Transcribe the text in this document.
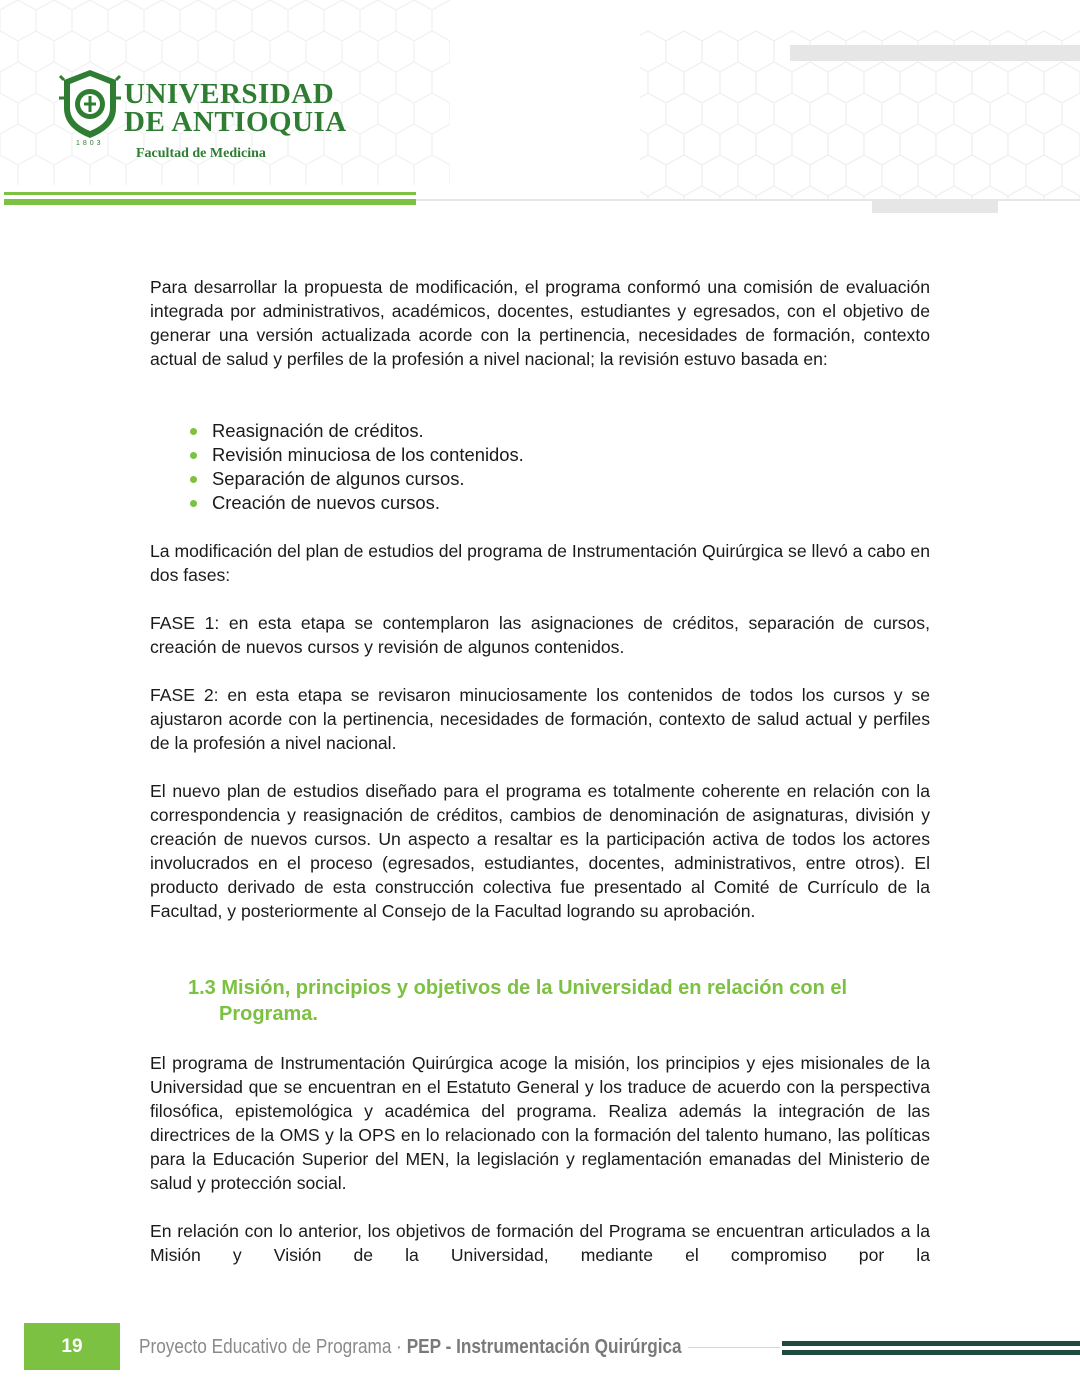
1803
UNIVERSIDAD
DE ANTIOQUIA
Facultad de Medicina

Para desarrollar la propuesta de modificación, el programa conformó una comisión de evaluación integrada por administrativos, académicos, docentes, estudiantes y egresados, con el objetivo de generar una versión actualizada acorde con la pertinencia, necesidades de formación, contexto actual de salud y perfiles de la profesión a nivel nacional; la revisión estuvo basada en:

Reasignación de créditos.
Revisión minuciosa de los contenidos.
Separación de algunos cursos.
Creación de nuevos cursos.

La modificación del plan de estudios del programa de Instrumentación Quirúrgica se llevó a cabo en dos fases:

FASE 1: en esta etapa se contemplaron las asignaciones de créditos, separación de cursos, creación de nuevos cursos y revisión de algunos contenidos.

FASE 2: en esta etapa se revisaron minuciosamente los contenidos de todos los cursos y se ajustaron acorde con la pertinencia, necesidades de formación, contexto de salud actual y perfiles de la profesión a nivel nacional.

El nuevo plan de estudios diseñado para el programa es totalmente coherente en relación con la correspondencia y reasignación de créditos, cambios de denominación de asignaturas, división y creación de nuevos cursos. Un aspecto a resaltar es la participación activa de todos los actores involucrados en el proceso (egresados, estudiantes, docentes, administrativos, entre otros). El producto derivado de esta construcción colectiva fue presentado al Comité de Currículo de la Facultad, y posteriormente al Consejo de la Facultad logrando su aprobación.

1.3 Misión, principios y objetivos de la Universidad en relación con el
Programa.

El programa de Instrumentación Quirúrgica acoge la misión, los principios y ejes misionales de la Universidad que se encuentran en el Estatuto General y los traduce de acuerdo con la perspectiva filosófica, epistemológica y académica del programa. Realiza además la integración de las directrices de la OMS y la OPS en lo relacionado con la formación del talento humano, las políticas para la Educación Superior del MEN, la legislación y reglamentación emanadas del Ministerio de salud y protección social.

En relación con lo anterior, los objetivos de formación del Programa se encuentran articulados a la Misión y Visión de la Universidad, mediante el compromiso por la

19	Proyecto Educativo de Programa · PEP - Instrumentación Quirúrgica
